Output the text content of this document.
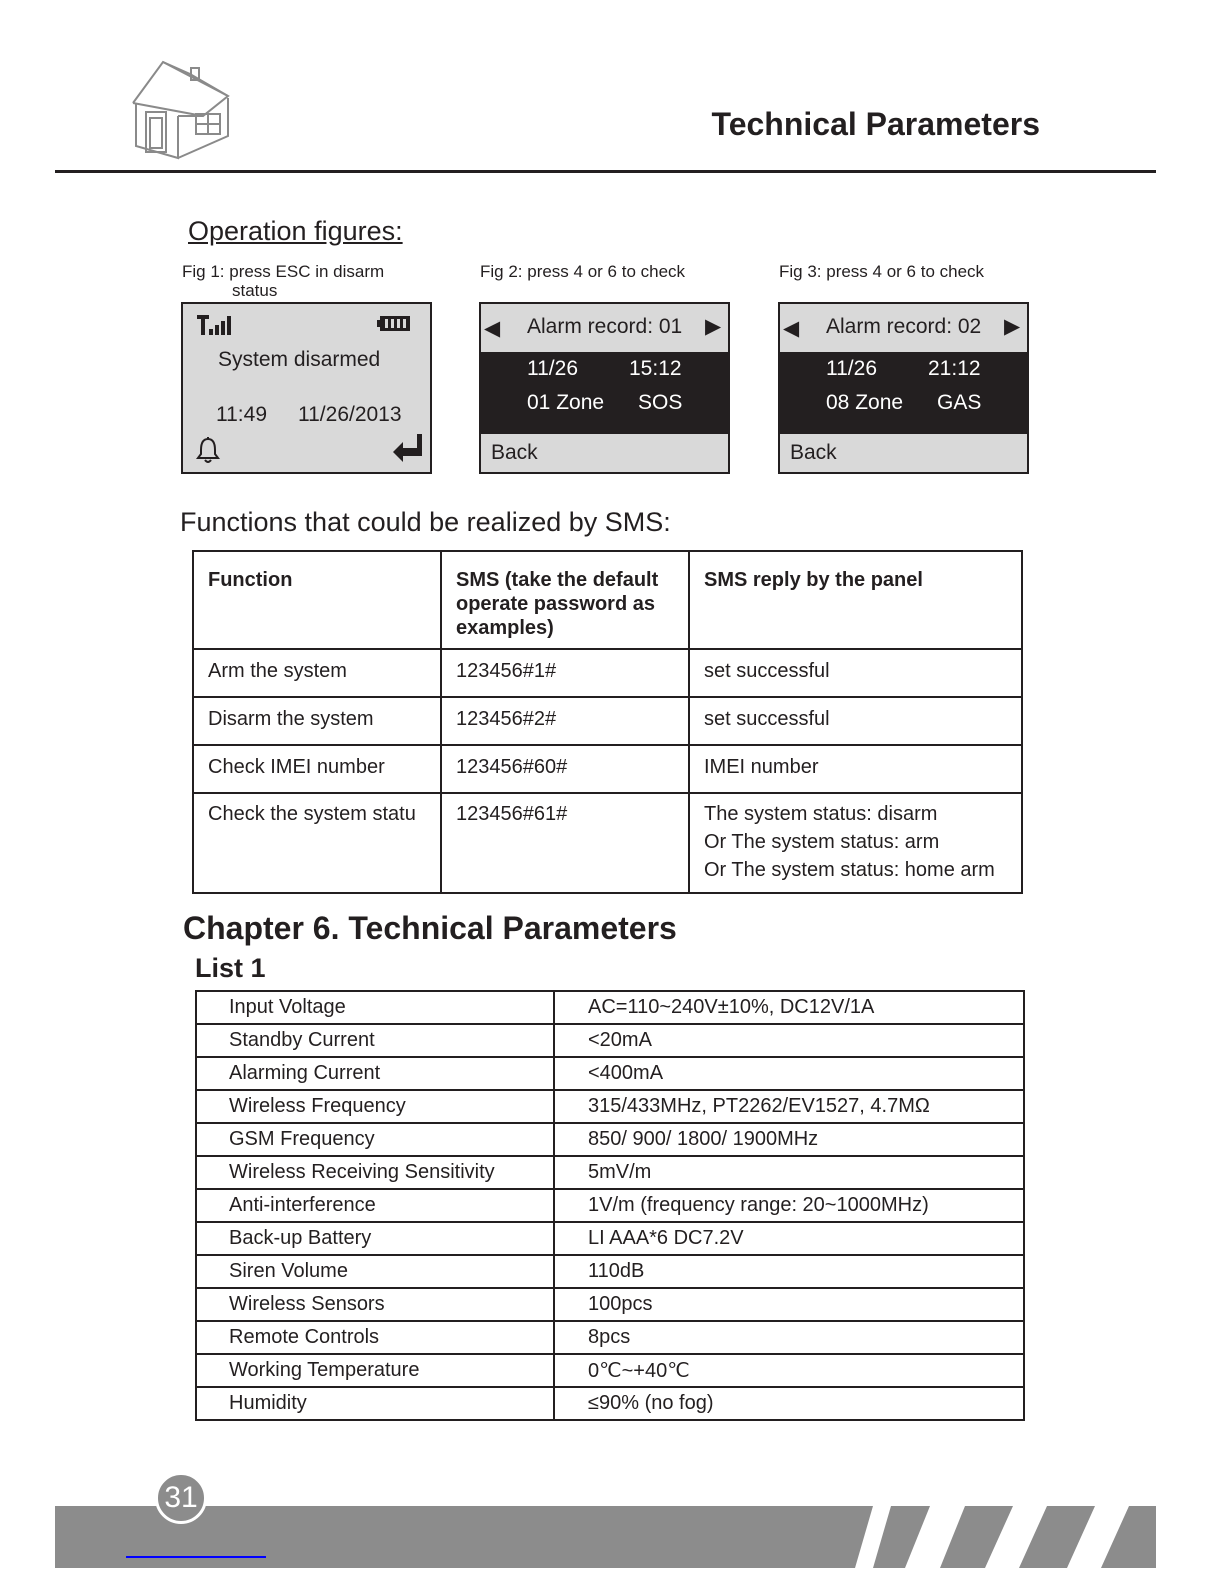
Technical Parameters
Operation figures:
Fig 1: press ESC in disarm
status
Fig 2: press 4 or 6 to check	Fig 3: press 4 or 6 to check
System disarmed
11:49 11/26/2013
◀ Alarm record: 01 ▶
11/26 15:12
01 Zone SOS
Back
◀ Alarm record: 02 ▶
11/26 21:12
08 Zone GAS
Back
Functions that could be realized by SMS:
Function	SMS (take the default operate password as examples)	SMS reply by the panel
Arm the system	123456#1#	set successful
Disarm the system	123456#2#	set successful
Check IMEI number	123456#60#	IMEI number
Check the system statu	123456#61#	The system status: disarm
Or The system status: arm
Or The system status: home arm
Chapter 6. Technical Parameters
List 1
Input Voltage	AC=110~240V±10%, DC12V/1A
Standby Current	<20mA
Alarming Current	<400mA
Wireless Frequency	315/433MHz, PT2262/EV1527, 4.7MΩ
GSM Frequency	850/ 900/ 1800/ 1900MHz
Wireless Receiving Sensitivity	5mV/m
Anti-interference	1V/m (frequency range: 20~1000MHz)
Back-up Battery	LI AAA*6 DC7.2V
Siren Volume	110dB
Wireless Sensors	100pcs
Remote Controls	8pcs
Working Temperature	0℃~+40℃
Humidity	≤90% (no fog)
31
